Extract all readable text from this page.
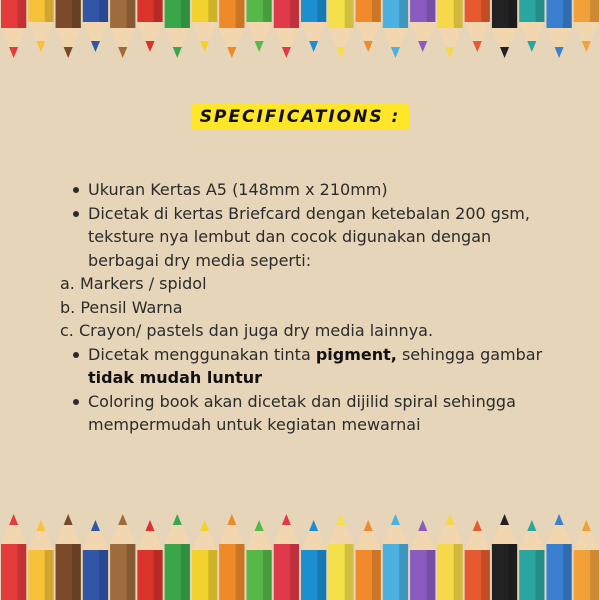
SPECIFICATIONS :
Ukuran Kertas A5 (148mm x 210mm)
Dicetak di kertas Briefcard dengan ketebalan 200 gsm, teksture nya lembut dan cocok digunakan dengan berbagai dry media seperti:
a. Markers / spidol
b. Pensil Warna
c. Crayon/ pastels dan juga dry media lainnya.
Dicetak menggunakan tinta pigment, sehingga gambar tidak mudah luntur
Coloring book akan dicetak dan dijilid spiral sehingga mempermudah untuk kegiatan mewarnai
